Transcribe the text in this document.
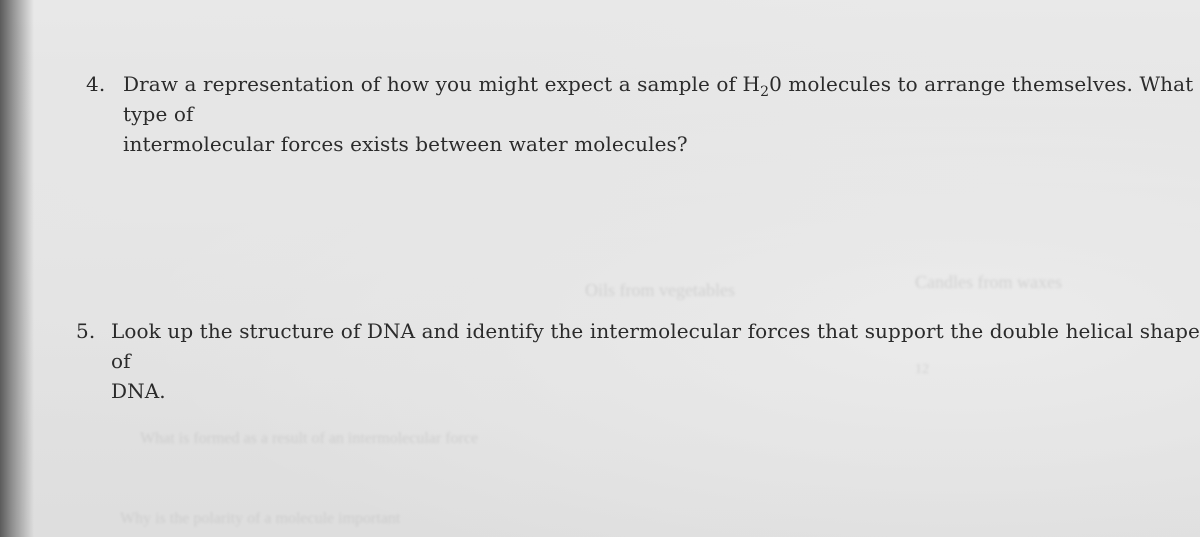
Oils from vegetables	Candles from waxes
12
What is formed as a result of an intermolecular force
Why is the polarity of a molecule important
4. Draw a representation of how you might expect a sample of $H_20$ molecules to arrange themselves. What type of
intermolecular forces exists between water molecules?
5. Look up the structure of DNA and identify the intermolecular forces that support the double helical shape of
DNA.
